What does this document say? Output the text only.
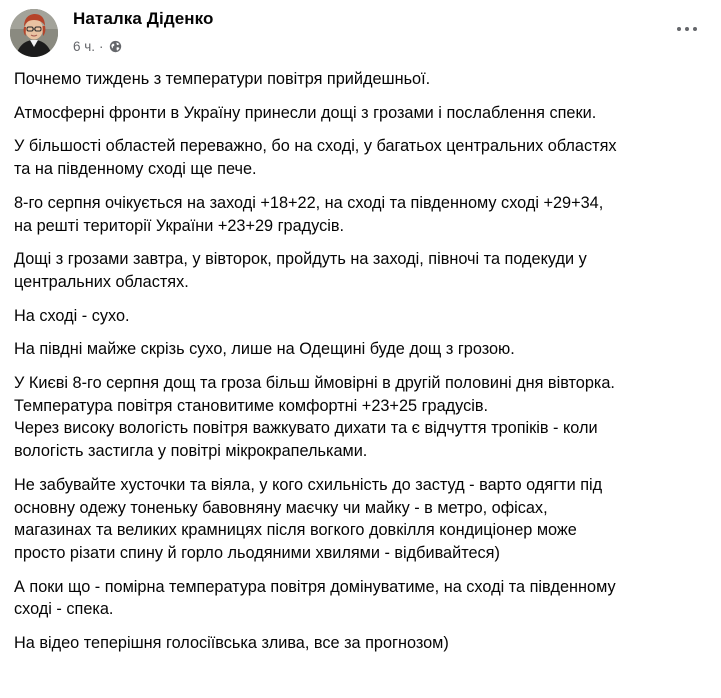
Наталка Діденко
6 ч. ·

Почнемо тиждень з температури повітря прийдешньої.

Атмосферні фронти в Україну принесли дощі з грозами і послаблення спеки.

У більшості областей переважно, бо на сході, у багатьох центральних областях
та на південному сході ще пече.

8-го серпня очікується на заході +18+22, на сході та південному сході +29+34,
на решті території України +23+29 градусів.

Дощі з грозами завтра, у вівторок, пройдуть на заході, півночі та подекуди у
центральних областях.

На сході - сухо.

На півдні майже скрізь сухо, лише на Одещині буде дощ з грозою.

У Києві 8-го серпня дощ та гроза більш ймовірні в другій половині дня вівторка.
Температура повітря становитиме комфортні +23+25 градусів.
Через високу вологість повітря важкувато дихати та є відчуття тропіків - коли
вологість застигла у повітрі мікрокрапельками.

Не забувайте хусточки та віяла, у кого схильність до застуд - варто одягти під
основну одежу тоненьку бавовняну маєчку чи майку - в метро, офісах,
магазинах та великих крамницях після вогкого довкілля кондиціонер може
просто різати спину й горло льодяними хвилями - відбивайтеся)

А поки що - помірна температура повітря домінуватиме, на сході та південному
сході - спека.

На відео теперішня голосіївська злива, все за прогнозом)
